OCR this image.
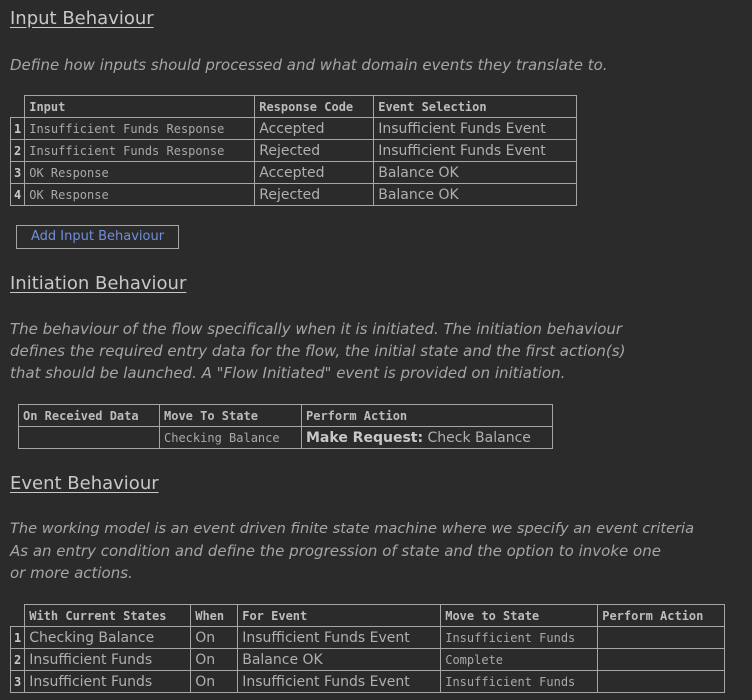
Input Behaviour

Define how inputs should processed and what domain events they translate to.

	Input	Response Code	Event Selection
1	Insufficient Funds Response	Accepted	Insufficient Funds Event
2	Insufficient Funds Response	Rejected	Insufficient Funds Event
3	OK Response	Accepted	Balance OK
4	OK Response	Rejected	Balance OK
Add Input Behaviour
Initiation Behaviour

The behaviour of the flow specifically when it is initiated. The initiation behaviour

defines the required entry data for the flow, the initial state and the first action(s)

that should be launched. A "Flow Initiated" event is provided on initiation.

On Received Data	Move To State	Perform Action
	Checking Balance	Make Request: Check Balance
Event Behaviour

The working model is an event driven finite state machine where we specify an event criteria

As an entry condition and define the progression of state and the option to invoke one

or more actions.

	With Current States	When	For Event	Move to State	Perform Action
1	Checking Balance	On	Insufficient Funds Event	Insufficient Funds	
2	Insufficient Funds	On	Balance OK	Complete	
3	Insufficient Funds	On	Insufficient Funds Event	Insufficient Funds	
